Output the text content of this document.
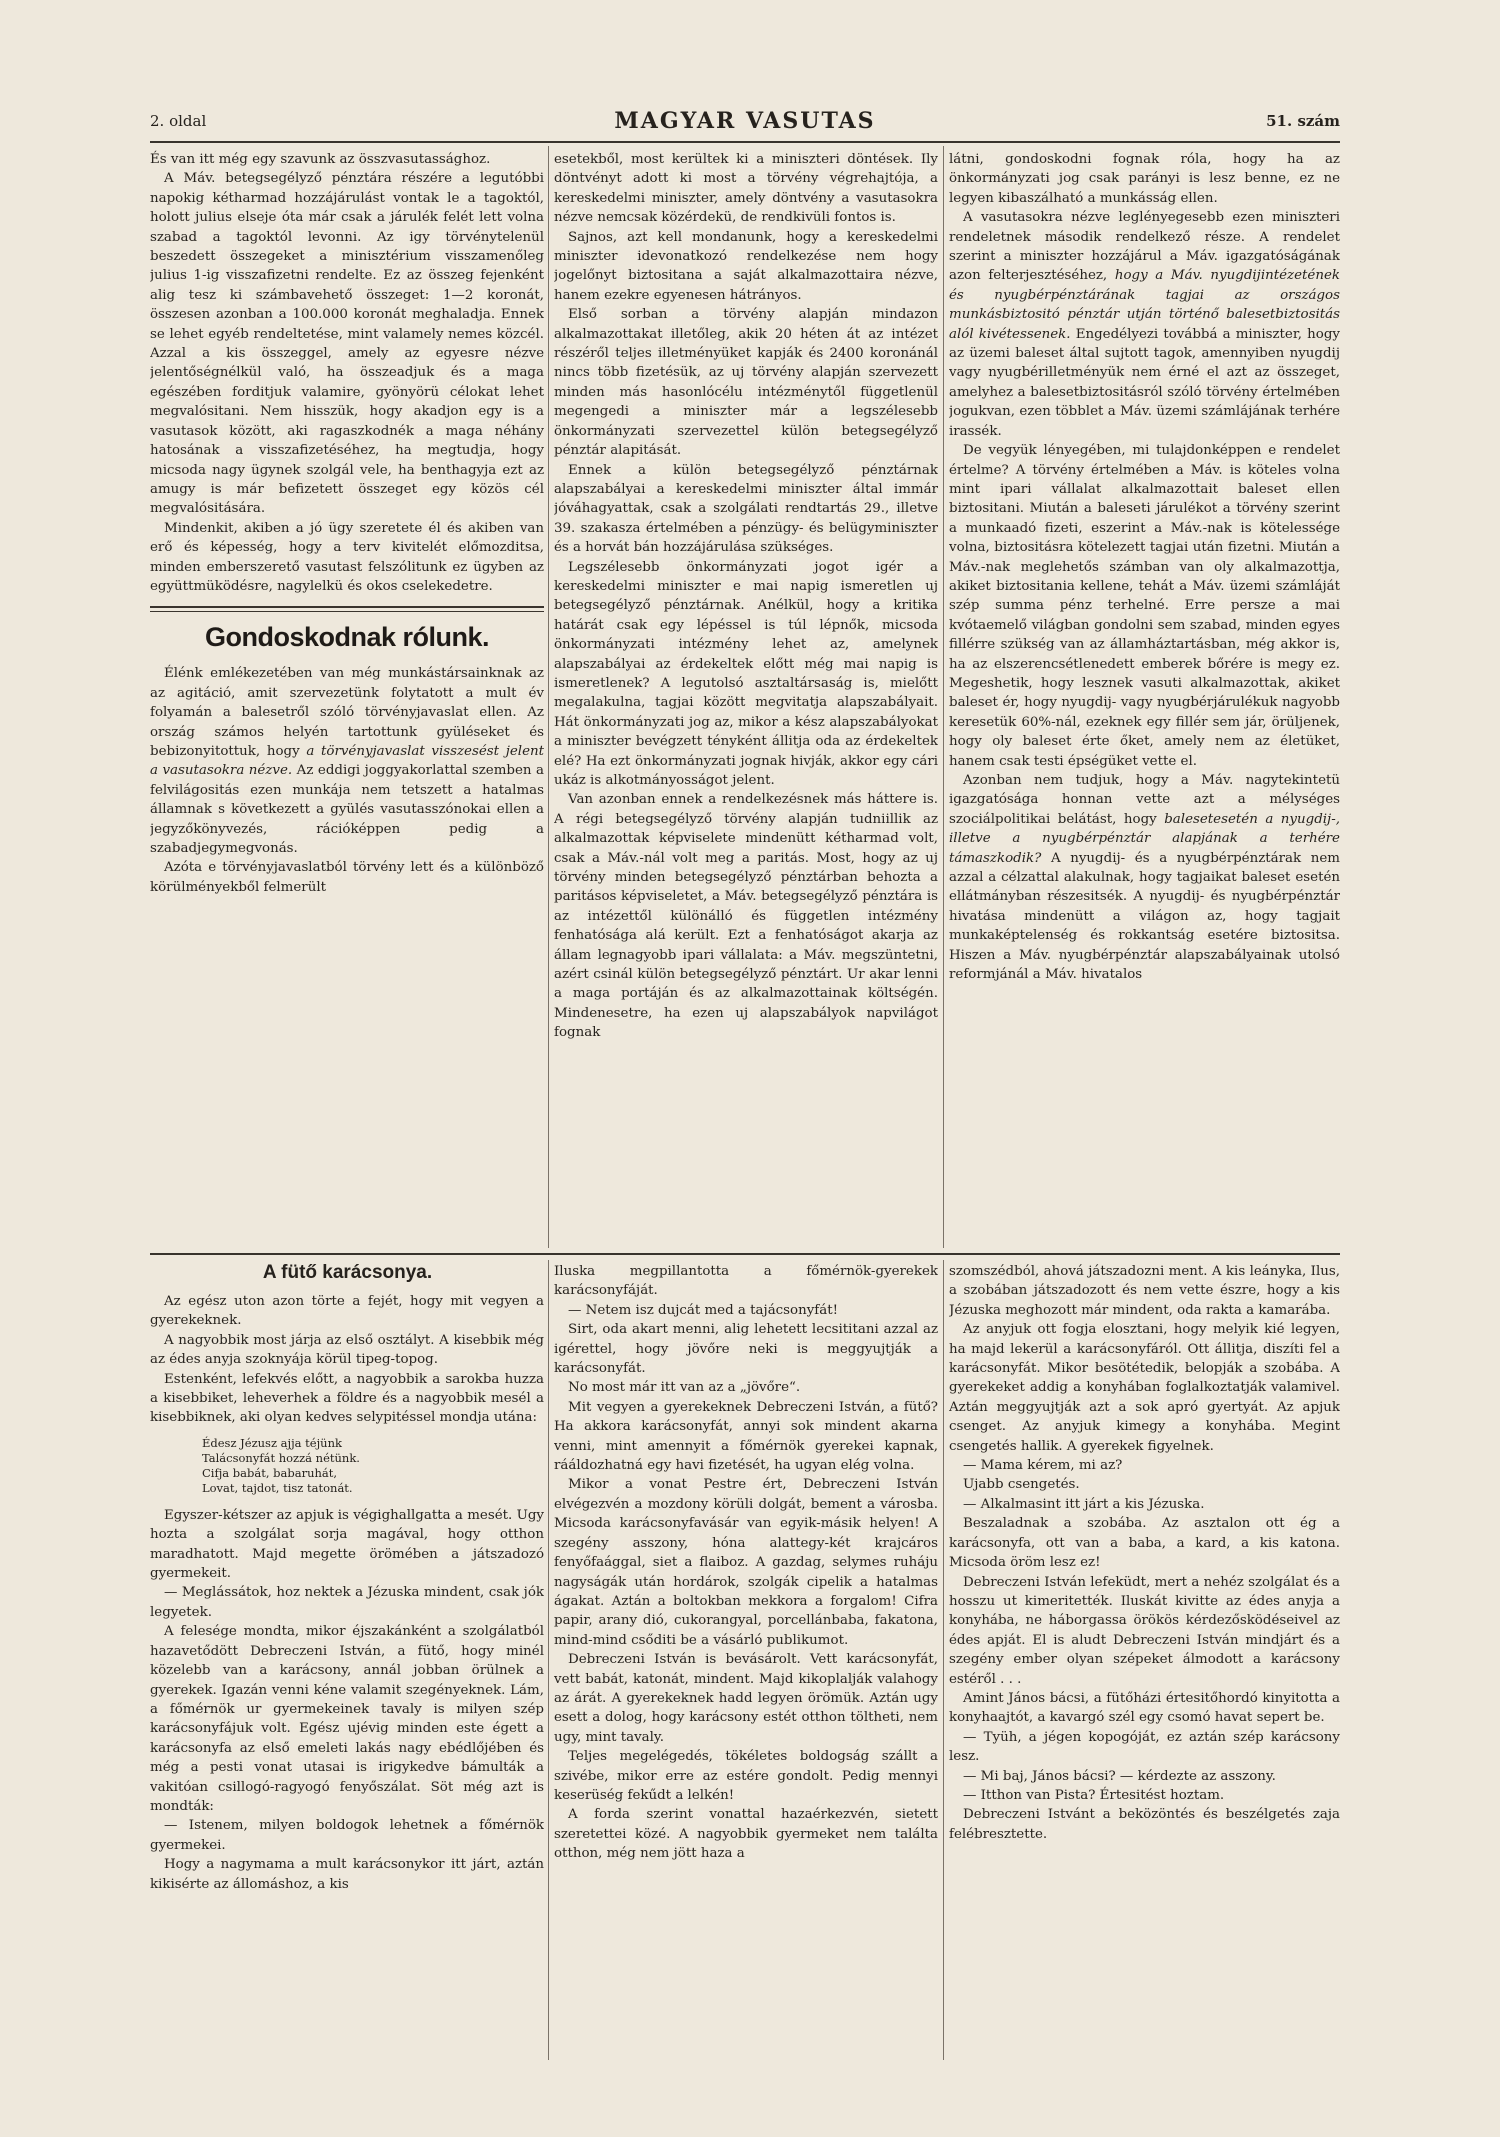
2. oldal	MAGYAR VASUTAS	51. szám

És van itt még egy szavunk az összvasutassághoz.

A Máv. betegsegélyző pénztára részére a legutóbbi napokig kétharmad hozzájárulást vontak le a tagoktól, holott julius elseje óta már csak a járulék felét lett volna szabad a tagoktól levonni. Az igy törvénytelenül beszedett összegeket a minisztérium visszamenőleg julius 1-ig visszafizetni rendelte. Ez az összeg fejenként alig tesz ki számbavehető összeget: 1—2 koronát, összesen azonban a 100.000 koronát meghaladja. Ennek se lehet egyéb rendeltetése, mint valamely nemes közcél. Azzal a kis összeggel, amely az egyesre nézve jelentőségnélkül való, ha összeadjuk és a maga egészében forditjuk valamire, gyönyörü célokat lehet megvalósitani. Nem hisszük, hogy akadjon egy is a vasutasok között, aki ragaszkodnék a maga néhány hatosának a visszafizetéséhez, ha megtudja, hogy micsoda nagy ügynek szolgál vele, ha benthagyja ezt az amugy is már befizetett összeget egy közös cél megvalósitására.

Mindenkit, akiben a jó ügy szeretete él és akiben van erő és képesség, hogy a terv kivitelét előmozditsa, minden emberszerető vasutast felszólitunk ez ügyben az együttmüködésre, nagylelkü és okos cselekedetre.

Gondoskodnak rólunk.

Élénk emlékezetében van még munkástársainknak az az agitáció, amit szervezetünk folytatott a mult év folyamán a balesetről szóló törvényjavaslat ellen. Az ország számos helyén tartottunk gyüléseket és bebizonyitottuk, hogy a törvényjavaslat visszesést jelent a vasutasokra nézve. Az eddigi joggyakorlattal szemben a felvilágositás ezen munkája nem tetszett a hatalmas államnak s következett a gyülés vasutasszónokai ellen a jegyzőkönyvezés, rációképpen pedig a szabadjegymegvonás.

Azóta e törvényjavaslatból törvény lett és a különböző körülményekből felmerült

esetekből, most kerültek ki a miniszteri döntések. Ily döntvényt adott ki most a törvény végrehajtója, a kereskedelmi miniszter, amely döntvény a vasutasokra nézve nemcsak közérdekü, de rendkivüli fontos is.

Sajnos, azt kell mondanunk, hogy a kereskedelmi miniszter idevonatkozó rendelkezése nem hogy jogelőnyt biztositana a saját alkalmazottaira nézve, hanem ezekre egyenesen hátrányos.

Első sorban a törvény alapján mindazon alkalmazottakat illetőleg, akik 20 héten át az intézet részéről teljes illetményüket kapják és 2400 koronánál nincs több fizetésük, az uj törvény alapján szervezett minden más hasonlócélu intézménytől függetlenül megengedi a miniszter már a legszélesebb önkormányzati szervezettel külön betegsegélyző pénztár alapitását.

Ennek a külön betegsegélyző pénztárnak alapszabályai a kereskedelmi miniszter által immár jóváhagyattak, csak a szolgálati rendtartás 29., illetve 39. szakasza értelmében a pénzügy- és belügyminiszter és a horvát bán hozzájárulása szükséges.

Legszélesebb önkormányzati jogot igér a kereskedelmi miniszter e mai napig ismeretlen uj betegsegélyző pénztárnak. Anélkül, hogy a kritika határát csak egy lépéssel is túl lépnők, micsoda önkormányzati intézmény lehet az, amelynek alapszabályai az érdekeltek előtt még mai napig is ismeretlenek? A legutolsó asztaltársaság is, mielőtt megalakulna, tagjai között megvitatja alapszabályait. Hát önkormányzati jog az, mikor a kész alapszabályokat a miniszter bevégzett tényként állitja oda az érdekeltek elé? Ha ezt önkormányzati jognak hivják, akkor egy cári ukáz is alkotmányosságot jelent.

Van azonban ennek a rendelkezésnek más háttere is. A régi betegsegélyző törvény alapján tudniillik az alkalmazottak képviselete mindenütt kétharmad volt, csak a Máv.-nál volt meg a paritás. Most, hogy az uj törvény minden betegsegélyző pénztárban behozta a paritásos képviseletet, a Máv. betegsegélyző pénztára is az intézettől különálló és független intézmény fenhatósága alá került. Ezt a fenhatóságot akarja az állam legnagyobb ipari vállalata: a Máv. megszüntetni, azért csinál külön betegsegélyző pénztárt. Ur akar lenni a maga portáján és az alkalmazottainak költségén. Mindenesetre, ha ezen uj alapszabályok napvilágot fognak

látni, gondoskodni fognak róla, hogy ha az önkormányzati jog csak parányi is lesz benne, ez ne legyen kibaszálható a munkásság ellen.

A vasutasokra nézve leglényegesebb ezen miniszteri rendeletnek második rendelkező része. A rendelet szerint a miniszter hozzájárul a Máv. igazgatóságának azon felterjesztéséhez, hogy a Máv. nyugdijintézetének és nyugbérpénztárának tagjai az országos munkásbiztositó pénztár utján történő balesetbiztositás alól kivétessenek. Engedélyezi továbbá a miniszter, hogy az üzemi baleset által sujtott tagok, amennyiben nyugdij vagy nyugbérilletményük nem érné el azt az összeget, amelyhez a balesetbiztositásról szóló törvény értelmében jogukvan, ezen többlet a Máv. üzemi számlájának terhére irassék.

De vegyük lényegében, mi tulajdonképpen e rendelet értelme? A törvény értelmében a Máv. is köteles volna mint ipari vállalat alkalmazottait baleset ellen biztositani. Miután a baleseti járulékot a törvény szerint a munkaadó fizeti, eszerint a Máv.-nak is kötelessége volna, biztositásra kötelezett tagjai után fizetni. Miután a Máv.-nak meglehetős számban van oly alkalmazottja, akiket biztositania kellene, tehát a Máv. üzemi számláját szép summa pénz terhelné. Erre persze a mai kvótaemelő világban gondolni sem szabad, minden egyes fillérre szükség van az államháztartásban, még akkor is, ha az elszerencsétlenedett emberek bőrére is megy ez. Megeshetik, hogy lesznek vasuti alkalmazottak, akiket baleset ér, hogy nyugdij- vagy nyugbérjárulékuk nagyobb keresetük 60%-nál, ezeknek egy fillér sem jár, örüljenek, hogy oly baleset érte őket, amely nem az életüket, hanem csak testi épségüket vette el.

Azonban nem tudjuk, hogy a Máv. nagytekintetü igazgatósága honnan vette azt a mélységes szociálpolitikai belátást, hogy balesetesetén a nyugdij-, illetve a nyugbérpénztár alapjának a terhére támaszkodik? A nyugdij- és a nyugbérpénztárak nem azzal a célzattal alakulnak, hogy tagjaikat baleset esetén ellátmányban részesitsék. A nyugdij- és nyugbérpénztár hivatása mindenütt a világon az, hogy tagjait munkaképtelenség és rokkantság esetére biztositsa. Hiszen a Máv. nyugbérpénztár alapszabályainak utolsó reformjánál a Máv. hivatalos

A fütő karácsonya.

Az egész uton azon törte a fejét, hogy mit vegyen a gyerekeknek.

A nagyobbik most járja az első osztályt. A kisebbik még az édes anyja szoknyája körül tipeg-topog.

Estenként, lefekvés előtt, a nagyobbik a sarokba huzza a kisebbiket, leheverhek a földre és a nagyobbik mesél a kisebbiknek, aki olyan kedves selypitéssel mondja utána:

Édesz Jézusz ajja téjünk
Talácsonyfát hozzá nétünk.
Cifja babát, babaruhát,
Lovat, tajdot, tisz tatonát.

Egyszer-kétszer az apjuk is végighallgatta a mesét. Ugy hozta a szolgálat sorja magával, hogy otthon maradhatott. Majd megette örömében a játszadozó gyermekeit.

— Meglássátok, hoz nektek a Jézuska mindent, csak jók legyetek.

A felesége mondta, mikor éjszakánként a szolgálatból hazavetődött Debreczeni István, a fütő, hogy minél közelebb van a karácsony, annál jobban örülnek a gyerekek. Igazán venni kéne valamit szegényeknek. Lám, a főmérnök ur gyermekeinek tavaly is milyen szép karácsonyfájuk volt. Egész ujévig minden este égett a karácsonyfa az első emeleti lakás nagy ebédlőjében és még a pesti vonat utasai is irigykedve bámulták a vakitóan csillogó-ragyogó fenyőszálat. Söt még azt is mondták:

— Istenem, milyen boldogok lehetnek a főmérnök gyermekei.

Hogy a nagymama a mult karácsonykor itt járt, aztán kikisérte az állomáshoz, a kis

Iluska megpillantotta a főmérnök-gyerekek karácsonyfáját.

— Netem isz dujcát med a tajácsonyfát!

Sirt, oda akart menni, alig lehetett lecsititani azzal az igérettel, hogy jövőre neki is meggyujtják a karácsonyfát.

No most már itt van az a „jövőre“.

Mit vegyen a gyerekeknek Debreczeni István, a fütő? Ha akkora karácsonyfát, annyi sok mindent akarna venni, mint amennyit a főmérnök gyerekei kapnak, rááldozhatná egy havi fizetését, ha ugyan elég volna.

Mikor a vonat Pestre ért, Debreczeni István elvégezvén a mozdony körüli dolgát, bement a városba. Micsoda karácsonyfavásár van egyik-másik helyen! A szegény asszony, hóna alattegy-két krajcáros fenyőfaággal, siet a flaiboz. A gazdag, selymes ruháju nagyságák után hordárok, szolgák cipelik a hatalmas ágakat. Aztán a boltokban mekkora a forgalom! Cifra papir, arany dió, cukorangyal, porcellánbaba, fakatona, mind-mind csőditi be a vásárló publikumot.

Debreczeni István is bevásárolt. Vett karácsonyfát, vett babát, katonát, mindent. Majd kikoplalják valahogy az árát. A gyerekeknek hadd legyen örömük. Aztán ugy esett a dolog, hogy karácsony estét otthon töltheti, nem ugy, mint tavaly.

Teljes megelégedés, tökéletes boldogság szállt a szivébe, mikor erre az estére gondolt. Pedig mennyi keserüség fekűdt a lelkén!

A forda szerint vonattal hazaérkezvén, sietett szeretettei közé. A nagyobbik gyermeket nem találta otthon, még nem jött haza a

szomszédból, ahová játszadozni ment. A kis leányka, Ilus, a szobában játszadozott és nem vette észre, hogy a kis Jézuska meghozott már mindent, oda rakta a kamarába.

Az anyjuk ott fogja elosztani, hogy melyik kié legyen, ha majd lekerül a karácsonyfáról. Ott állitja, diszíti fel a karácsonyfát. Mikor besötétedik, belopják a szobába. A gyerekeket addig a konyhában foglalkoztatják valamivel. Aztán meggyujtják azt a sok apró gyertyát. Az apjuk csenget. Az anyjuk kimegy a konyhába. Megint csengetés hallik. A gyerekek figyelnek.

— Mama kérem, mi az?

Ujabb csengetés.

— Alkalmasint itt járt a kis Jézuska.

Beszaladnak a szobába. Az asztalon ott ég a karácsonyfa, ott van a baba, a kard, a kis katona. Micsoda öröm lesz ez!

Debreczeni István lefeküdt, mert a nehéz szolgálat és a hosszu ut kimeritették. Iluskát kivitte az édes anyja a konyhába, ne háborgassa örökös kérdezősködéseivel az édes apját. El is aludt Debreczeni István mindjárt és a szegény ember olyan szépeket álmodott a karácsony estéről . . .

Amint János bácsi, a fütőházi értesitőhordó kinyitotta a konyhaajtót, a kavargó szél egy csomó havat sepert be.

— Tyüh, a jégen kopogóját, ez aztán szép karácsony lesz.

— Mi baj, János bácsi? — kérdezte az asszony.

— Itthon van Pista? Értesitést hoztam.

Debreczeni Istvánt a beközöntés és beszélgetés zaja felébresztette.
